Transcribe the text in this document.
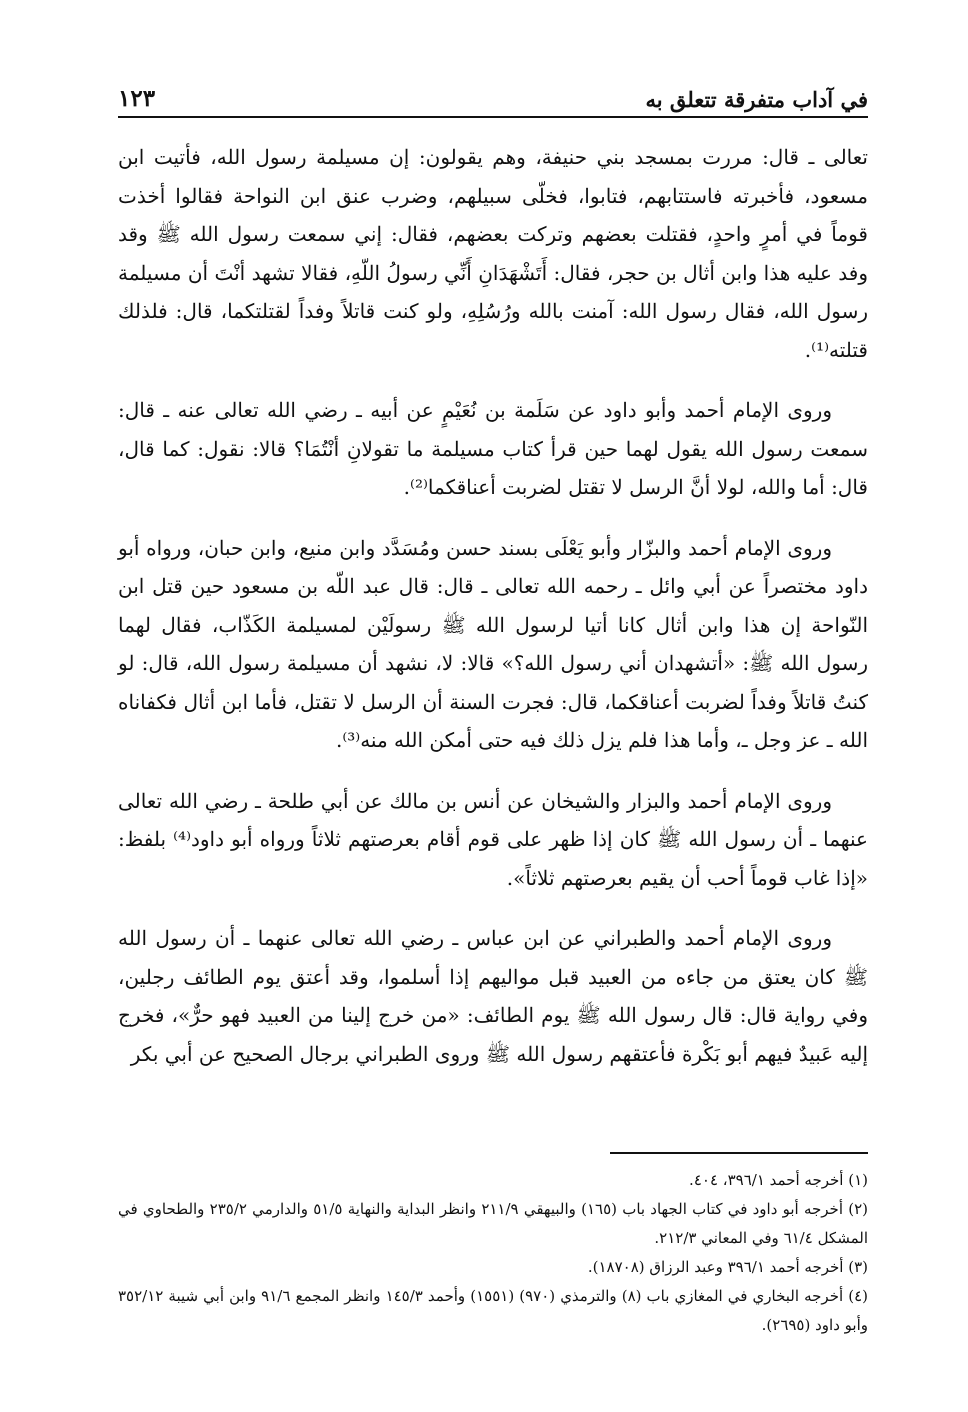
في آداب متفرقة تتعلق به
١٢٣

تعالى ـ قال: مررت بمسجد بني حنيفة، وهم يقولون: إن مسيلمة رسول الله، فأتيت ابن مسعود، فأخبرته فاستتابهم، فتابوا، فخلّى سبيلهم، وضرب عنق ابن النواحة فقالوا أخذت قوماً في أمرٍ واحدٍ، فقتلت بعضهم وتركت بعضهم، فقال: إني سمعت رسول الله ﷺ وقد وفد عليه هذا وابن أثال بن حجر، فقال: أَتَشْهَدَانِ أَنِّي رسولُ اللّهِ، فقالا تشهد أنْتَ أن مسيلمة رسول الله، فقال رسول الله: آمنت بالله ورُسُلِهِ، ولو كنت قاتلاً وفداً لقتلتكما، قال: فلذلك قتلته⁽¹⁾.

وروى الإمام أحمد وأبو داود عن سَلَمة بن نُعَيْمٍ عن أبيه ـ رضي الله تعالى عنه ـ قال: سمعت رسول الله يقول لهما حين قرأ كتاب مسيلمة ما تقولانِ أنْتُمَا؟ قالا: نقول: كما قال، قال: أما والله، لولا أنَّ الرسل لا تقتل لضربت أعناقكما⁽²⁾.

وروى الإمام أحمد والبزّار وأبو يَعْلَى بسند حسن ومُسَدَّد وابن منيع، وابن حبان، ورواه أبو داود مختصراً عن أبي وائل ـ رحمه الله تعالى ـ قال: قال عبد اللّه بن مسعود حين قتل ابن النّواحة إن هذا وابن أثال كانا أتيا لرسول الله ﷺ رسولَيْن لمسيلمة الكَذّاب، فقال لهما رسول الله ﷺ: «أتشهدان أني رسول الله؟» قالا: لا، نشهد أن مسيلمة رسول الله، قال: لو كنتُ قاتلاً وفداً لضربت أعناقكما، قال: فجرت السنة أن الرسل لا تقتل، فأما ابن أثال فكفاناه الله ـ عز وجل ـ، وأما هذا فلم يزل ذلك فيه حتى أمكن الله منه⁽³⁾.

وروى الإمام أحمد والبزار والشيخان عن أنس بن مالك عن أبي طلحة ـ رضي الله تعالى عنهما ـ أن رسول الله ﷺ كان إذا ظهر على قوم أقام بعرصتهم ثلاثاً ورواه أبو داود⁽⁴⁾ بلفظ: «إذا غاب قوماً أحب أن يقيم بعرصتهم ثلاثاً».

وروى الإمام أحمد والطبراني عن ابن عباس ـ رضي الله تعالى عنهما ـ أن رسول الله ﷺ كان يعتق من جاءه من العبيد قبل مواليهم إذا أسلموا، وقد أعتق يوم الطائف رجلين، وفي رواية قال: قال رسول الله ﷺ يوم الطائف: «من خرج إلينا من العبيد فهو حرٌّ»، فخرج إليه عَبيدٌ فيهم أبو بَكْرة فأعتقهم رسول الله ﷺ وروى الطبراني برجال الصحيح عن أبي بكر

(١) أخرجه أحمد ٣٩٦/١، ٤٠٤.

(٢) أخرجه أبو داود في كتاب الجهاد باب (١٦٥) والبيهقي ٢١١/٩ وانظر البداية والنهاية ٥١/٥ والدارمي ٢٣٥/٢ والطحاوي في المشكل ٦١/٤ وفي المعاني ٢١٢/٣.

(٣) أخرجه أحمد ٣٩٦/١ وعبد الرزاق (١٨٧٠٨).

(٤) أخرجه البخاري في المغازي باب (٨) والترمذي (٩٧٠) (١٥٥١) وأحمد ١٤٥/٣ وانظر المجمع ٩١/٦ وابن أبي شيبة ٣٥٢/١٢ وأبو داود (٢٦٩٥).
